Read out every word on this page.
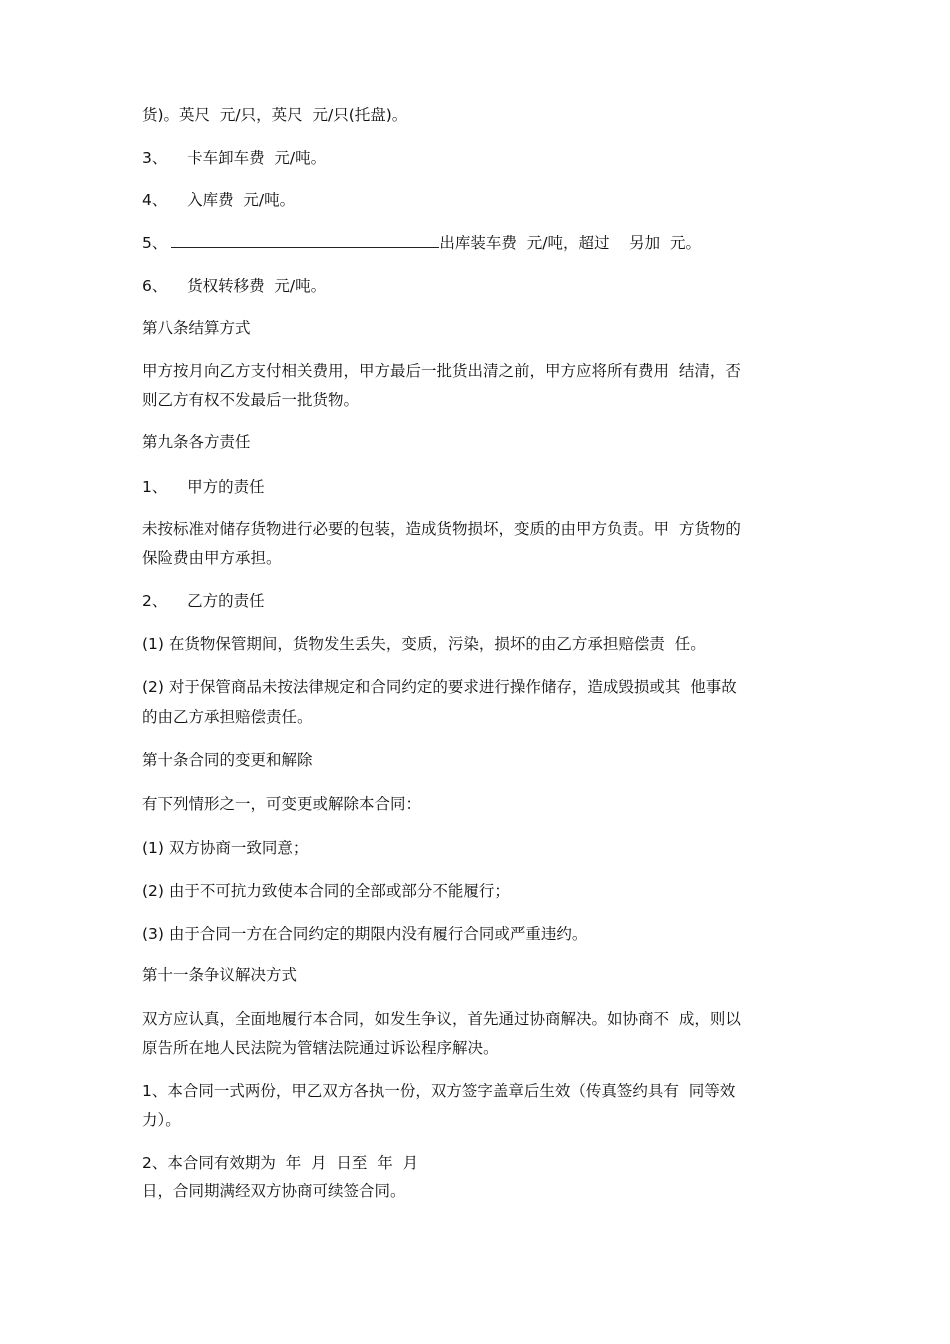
货)。英尺  元/只，英尺  元/只(托盘)。
3、    卡车卸车费  元/吨。
4、    入库费  元/吨。
5、	出库装车费  元/吨，超过    另加  元。
6、    货权转移费  元/吨。
第八条结算方式
甲方按月向乙方支付相关费用，甲方最后一批货出清之前，甲方应将所有费用  结清，否
则乙方有权不发最后一批货物。
第九条各方责任
1、    甲方的责任
未按标准对储存货物进行必要的包装，造成货物损坏，变质的由甲方负责。甲  方货物的
保险费由甲方承担。
2、    乙方的责任
(1) 在货物保管期间，货物发生丢失，变质，污染，损坏的由乙方承担赔偿责  任。
(2) 对于保管商品未按法律规定和合同约定的要求进行操作储存，造成毁损或其  他事故
的由乙方承担赔偿责任。
第十条合同的变更和解除
有下列情形之一，可变更或解除本合同：
(1) 双方协商一致同意；
(2) 由于不可抗力致使本合同的全部或部分不能履行；
(3) 由于合同一方在合同约定的期限内没有履行合同或严重违约。
第十一条争议解决方式
双方应认真，全面地履行本合同，如发生争议，首先通过协商解决。如协商不  成，则以
原告所在地人民法院为管辖法院通过诉讼程序解决。
1、本合同一式两份，甲乙双方各执一份，双方签字盖章后生效（传真签约具有  同等效
力）。
2、本合同有效期为  年  月  日至  年  月
日，合同期满经双方协商可续签合同。
